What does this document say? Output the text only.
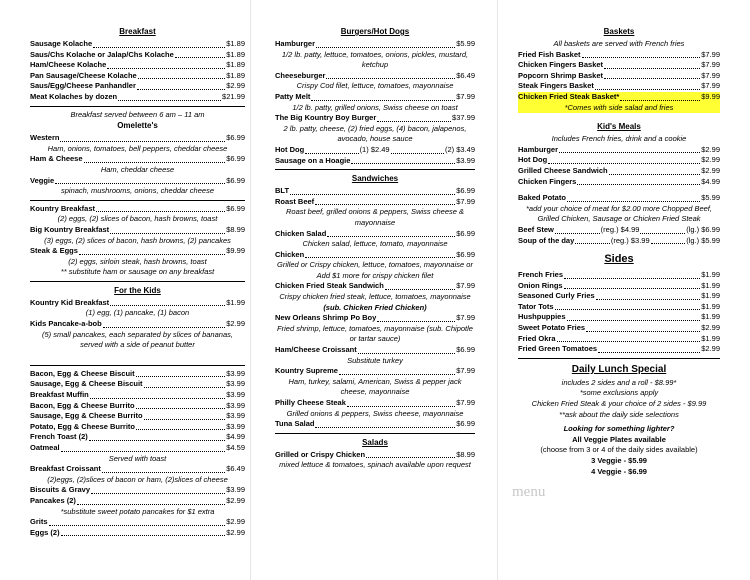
Breakfast
Sausage Kolache	$1.89
Saus/Chs Kolache or Jalap/Chs Kolache	$1.89
Ham/Cheese Kolache	$1.89
Pan Sausage/Cheese Kolache	$1.89
Saus/Egg/Cheese Panhandler	$2.99
Meat Kolaches by dozen	$21.99
Breakfast served between 6 am – 11 am
Omelette's
Western	$6.99
Ham, onions, tomatoes, bell peppers, cheddar cheese
Ham & Cheese	$6.99
Ham, cheddar cheese
Veggie	$6.99
spinach, mushrooms, onions, cheddar cheese
Kountry Breakfast	$6.99
(2) eggs, (2) slices of bacon, hash browns, toast
Big Kountry Breakfast	$8.99
(3) eggs, (2) slices of bacon, hash browns, (2) pancakes
Steak & Eggs	$9.99
(2) eggs, sirloin steak, hash browns, toast
** substitute ham or sausage on any breakfast
For the Kids
Kountry Kid Breakfast	$1.99
(1) egg, (1) pancake, (1) bacon
Kids Pancake-a-bob	$2.99
(5) small pancakes, each separated by slices of bananas, served with a side of peanut butter
Bacon, Egg & Cheese Biscuit	$3.99
Sausage, Egg & Cheese Biscuit	$3.99
Breakfast Muffin	$3.99
Bacon, Egg & Cheese Burrito	$3.99
Sausage, Egg & Cheese Burrito	$3.99
Potato, Egg & Cheese Burrito	$3.99
French Toast (2)	$4.99
Oatmeal	$4.59
Served with toast
Breakfast Croissant	$6.49
(2)eggs, (2)slices of bacon or ham, (2)slices of cheese
Biscuits & Gravy	$3.99
Pancakes (2)	$2.99
*substitute sweet potato pancakes for $1 extra
Grits	$2.99
Eggs (2)	$2.99
Burgers/Hot Dogs
Hamburger	$5.99
1/2 lb. patty, lettuce, tomatoes, onions, pickles, mustard, ketchup
Cheeseburger	$6.49
Crispy Cod filet, lettuce, tomatoes, mayonnaise
Patty Melt	$7.99
1/2 lb. patty, grilled onions, Swiss cheese on toast
The Big Kountry Boy Burger	$37.99
2 lb. patty, cheese, (2) fried eggs, (4) bacon, jalapenos, avocado, house sauce
Hot Dog	(1) $2.49	(2) $3.49
Sausage on a Hoagie	$3.99
Sandwiches
BLT	$6.99
Roast Beef	$7.99
Roast beef, grilled onions & peppers, Swiss cheese & mayonnaise
Chicken Salad	$6.99
Chicken salad, lettuce, tomato, mayonnaise
Chicken	$6.99
Grilled or Crispy chicken, lettuce, tomatoes, mayonnaise or Add $1 more for crispy chicken filet
Chicken Fried Steak Sandwich	$7.99
Crispy chicken fried steak, lettuce, tomatoes, mayonnaise (sub. Chicken Fried Chicken)
New Orleans Shrimp Po Boy	$7.99
Fried shrimp, lettuce, tomatoes, mayonnaise (sub. Chipotle or tartar sauce)
Ham/Cheese Croissant	$6.99
Substitute turkey
Kountry Supreme	$7.99
Ham, turkey, salami, American, Swiss & pepper jack cheese, mayonnaise
Philly Cheese Steak	$7.99
Grilled onions & peppers, Swiss cheese, mayonnaise
Tuna Salad	$6.99
Salads
Grilled or Crispy Chicken	$8.99
mixed lettuce & tomatoes, spinach available upon request
Baskets
All baskets are served with French fries
Fried Fish Basket	$7.99
Chicken Fingers Basket	$7.99
Popcorn Shrimp Basket	$7.99
Steak Fingers Basket	$7.99
Chicken Fried Steak Basket*	$9.99
*Comes with side salad and fries
Kid's Meals
Includes French fries, drink and a cookie
Hamburger	$2.99
Hot Dog	$2.99
Grilled Cheese Sandwich	$2.99
Chicken Fingers	$4.99
Baked Potato	$5.99
*add your choice of meat for $2.00 more Chopped Beef, Grilled Chicken, Sausage or Chicken Fried Steak
Beef Stew	(reg.) $4.99	(lg.) $6.99
Soup of the day	(reg.) $3.99	(lg.) $5.99
Sides
French Fries	$1.99
Onion Rings	$1.99
Seasoned Curly Fries	$1.99
Tator Tots	$1.99
Hushpuppies	$1.99
Sweet Potato Fries	$2.99
Fried Okra	$1.99
Fried Green Tomatoes	$2.99
Daily Lunch Special
includes 2 sides and a roll - $8.99*
*some exclusions apply
Chicken Fried Steak & your choice of 2 sides - $9.99
**ask about the daily side selections
Looking for something lighter?
All Veggie Plates available
(choose from 3 or 4 of the daily sides available)
3 Veggie - $5.99
4 Veggie - $6.99
menu
